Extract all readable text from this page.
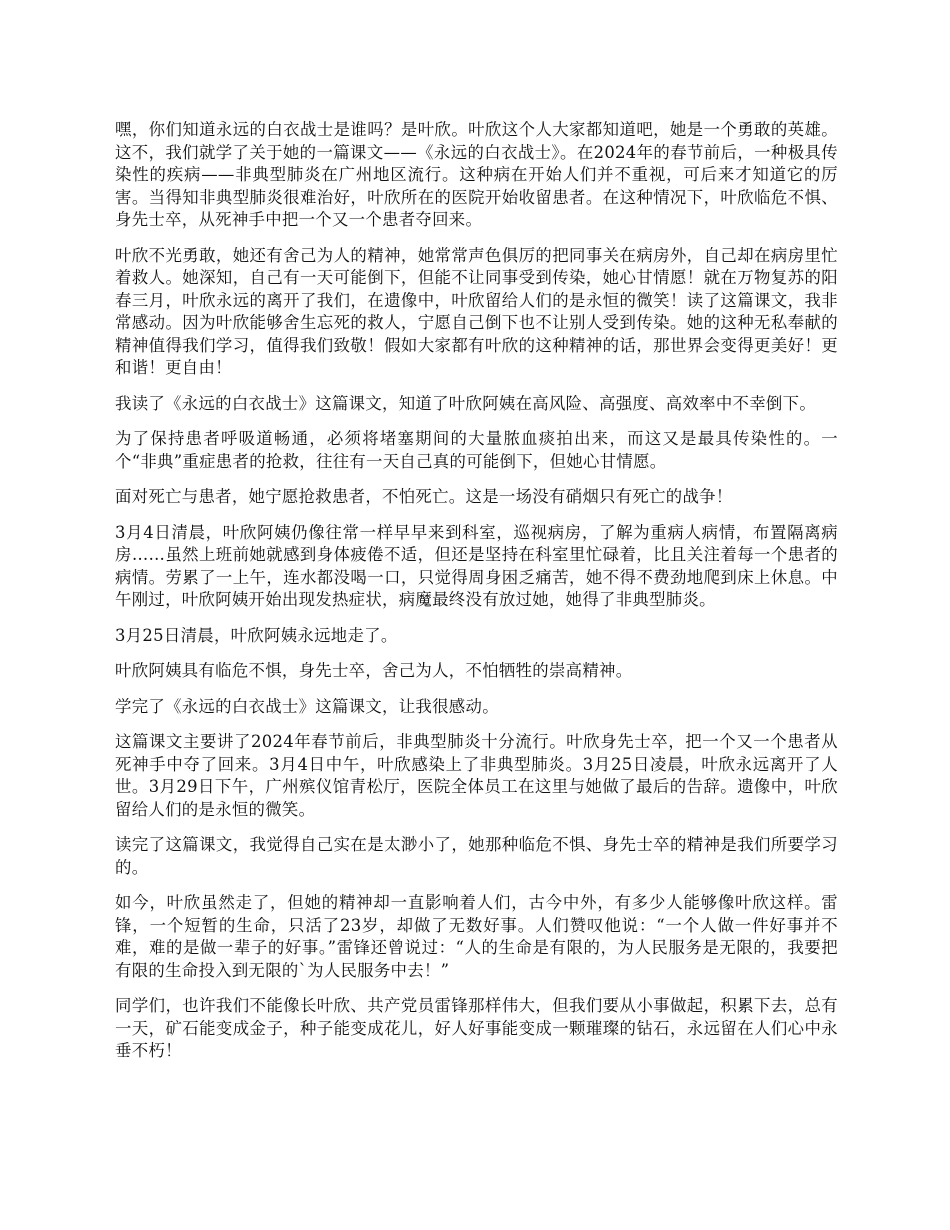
嘿，你们知道永远的白衣战士是谁吗？是叶欣。叶欣这个人大家都知道吧，她是一个勇敢的英雄。这不，我们就学了关于她的一篇课文——《永远的白衣战士》。在2024年的春节前后，一种极具传染性的疾病——非典型肺炎在广州地区流行。这种病在开始人们并不重视，可后来才知道它的厉害。当得知非典型肺炎很难治好，叶欣所在的医院开始收留患者。在这种情况下，叶欣临危不惧、身先士卒，从死神手中把一个又一个患者夺回来。

叶欣不光勇敢，她还有舍己为人的精神，她常常声色俱厉的把同事关在病房外，自己却在病房里忙着救人。她深知，自己有一天可能倒下，但能不让同事受到传染，她心甘情愿！就在万物复苏的阳春三月，叶欣永远的离开了我们，在遗像中，叶欣留给人们的是永恒的微笑！读了这篇课文，我非常感动。因为叶欣能够舍生忘死的救人，宁愿自己倒下也不让别人受到传染。她的这种无私奉献的精神值得我们学习，值得我们致敬！假如大家都有叶欣的这种精神的话，那世界会变得更美好！更和谐！更自由！

我读了《永远的白衣战士》这篇课文，知道了叶欣阿姨在高风险、高强度、高效率中不幸倒下。

为了保持患者呼吸道畅通，必须将堵塞期间的大量脓血痰拍出来，而这又是最具传染性的。一个“非典”重症患者的抢救，往往有一天自己真的可能倒下，但她心甘情愿。

面对死亡与患者，她宁愿抢救患者，不怕死亡。这是一场没有硝烟只有死亡的战争！

3月4日清晨，叶欣阿姨仍像往常一样早早来到科室，巡视病房，了解为重病人病情，布置隔离病房……虽然上班前她就感到身体疲倦不适，但还是坚持在科室里忙碌着，比且关注着每一个患者的病情。劳累了一上午，连水都没喝一口，只觉得周身困乏痛苦，她不得不费劲地爬到床上休息。中午刚过，叶欣阿姨开始出现发热症状，病魔最终没有放过她，她得了非典型肺炎。

3月25日清晨，叶欣阿姨永远地走了。

叶欣阿姨具有临危不惧，身先士卒，舍己为人，不怕牺牲的崇高精神。

学完了《永远的白衣战士》这篇课文，让我很感动。

这篇课文主要讲了2024年春节前后，非典型肺炎十分流行。叶欣身先士卒，把一个又一个患者从死神手中夺了回来。3月4日中午，叶欣感染上了非典型肺炎。3月25日凌晨，叶欣永远离开了人世。3月29日下午，广州殡仪馆青松厅，医院全体员工在这里与她做了最后的告辞。遗像中，叶欣留给人们的是永恒的微笑。

读完了这篇课文，我觉得自己实在是太渺小了，她那种临危不惧、身先士卒的精神是我们所要学习的。

如今，叶欣虽然走了，但她的精神却一直影响着人们，古今中外，有多少人能够像叶欣这样。雷锋，一个短暂的生命，只活了23岁，却做了无数好事。人们赞叹他说：“一个人做一件好事并不难，难的是做一辈子的好事。”雷锋还曾说过：“人的生命是有限的，为人民服务是无限的，我要把有限的生命投入到无限的`为人民服务中去！”

同学们，也许我们不能像长叶欣、共产党员雷锋那样伟大，但我们要从小事做起，积累下去，总有一天，矿石能变成金子，种子能变成花儿，好人好事能变成一颗璀璨的钻石，永远留在人们心中永垂不朽！
